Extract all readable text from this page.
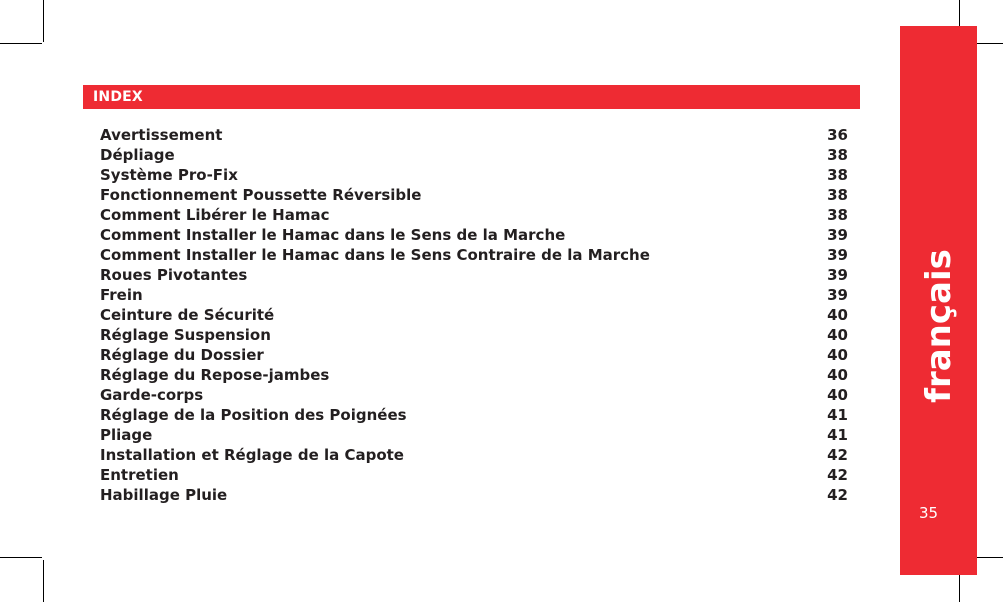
INDEX
Avertissement	36
Dépliage	38
Système Pro-Fix	38
Fonctionnement Poussette Réversible	38
Comment Libérer le Hamac	38
Comment Installer le Hamac dans le Sens de la Marche	39
Comment Installer le Hamac dans le Sens Contraire de la Marche	39
Roues Pivotantes	39
Frein	39
Ceinture de Sécurité	40
Réglage Suspension	40
Réglage du Dossier	40
Réglage du Repose-jambes	40
Garde-corps	40
Réglage de la Position des Poignées	41
Pliage	41
Installation et Réglage de la Capote	42
Entretien	42
Habillage Pluie	42
français
35
